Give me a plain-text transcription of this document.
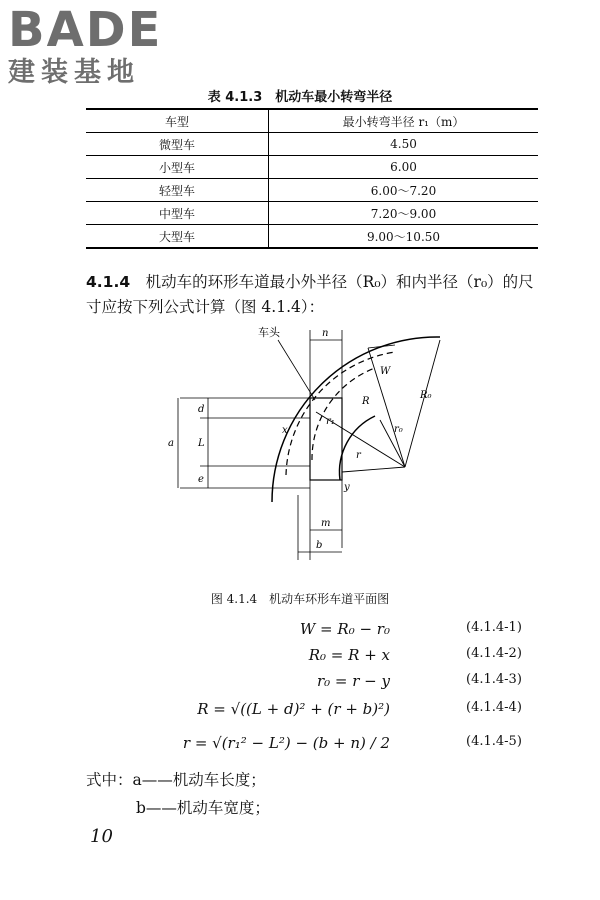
BADE
建装基地
表 4.1.3　机动车最小转弯半径
车型	最小转弯半径 r₁（m）
微型车	4.50
小型车	6.00
轻型车	6.00～7.20
中型车	7.20～9.00
大型车	9.00～10.50
4.1.4　 机动车的环形车道最小外半径（R₀）和内半径（r₀）的尺寸应按下列公式计算（图 4.1.4）：
车头	n
W
R₀
R
r₀
r₁
r
x
y
d
a L
e
m
b
图 4.1.4　机动车环形车道平面图
W = R₀ − r₀	(4.1.4-1)
R₀ = R + x	(4.1.4-2)
r₀ = r − y	(4.1.4-3)
R = √((L + d)² + (r + b)²)	(4.1.4-4)
r = √(r₁² − L²) − (b + n) / 2	(4.1.4-5)
式中：a——机动车长度；
b——机动车宽度；
10
